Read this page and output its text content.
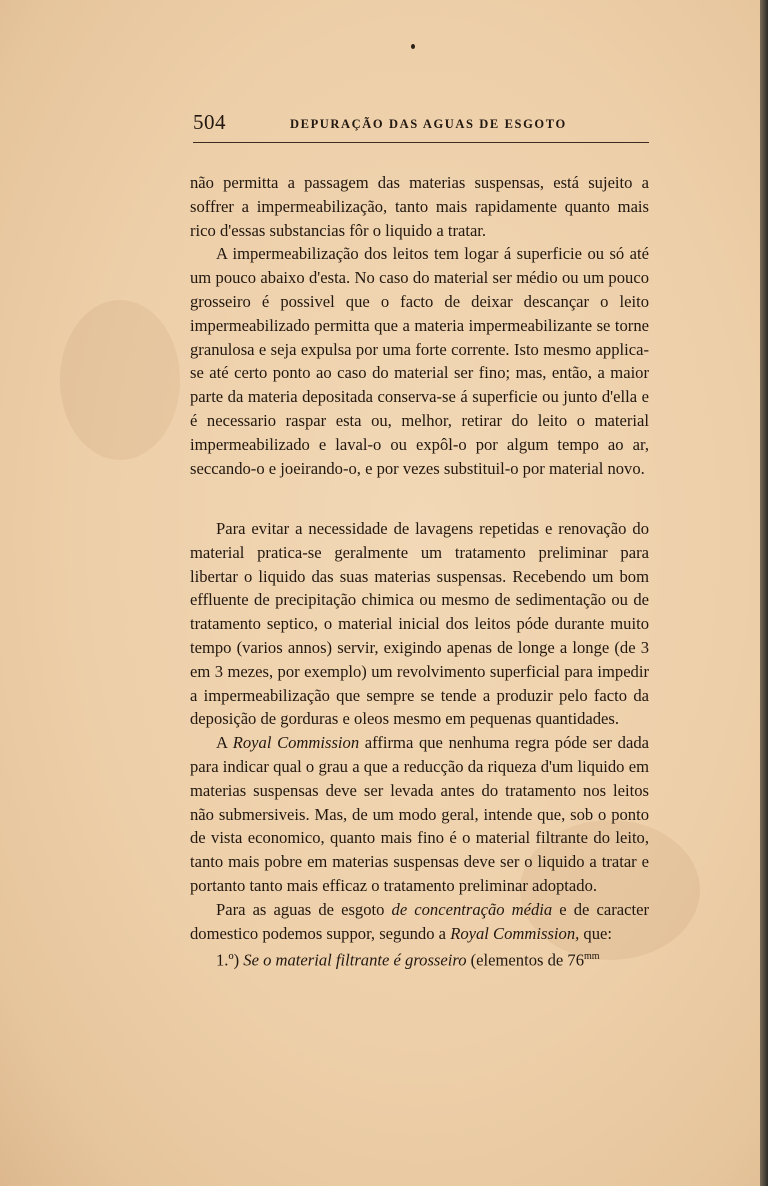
504	DEPURAÇÃO DAS AGUAS DE ESGOTO

não permitta a passagem das materias suspensas, está sujeito a soffrer a impermeabilização, tanto mais rapidamente quanto mais rico d'essas substancias fôr o liquido a tratar.

A impermeabilização dos leitos tem logar á superficie ou só até um pouco abaixo d'esta. No caso do material ser médio ou um pouco grosseiro é possivel que o facto de deixar descançar o leito impermeabilizado permitta que a materia impermeabilizante se torne granulosa e seja expulsa por uma forte corrente. Isto mesmo applica-se até certo ponto ao caso do material ser fino; mas, então, a maior parte da materia depositada conserva-se á superficie ou junto d'ella e é necessario raspar esta ou, melhor, retirar do leito o material impermeabilizado e laval-o ou expôl-o por algum tempo ao ar, seccando-o e joeirando-o, e por vezes substituil-o por material novo.

Para evitar a necessidade de lavagens repetidas e renovação do material pratica-se geralmente um tratamento preliminar para libertar o liquido das suas materias suspensas. Recebendo um bom effluente de precipitação chimica ou mesmo de sedimentação ou de tratamento septico, o material inicial dos leitos póde durante muito tempo (varios annos) servir, exigindo apenas de longe a longe (de 3 em 3 mezes, por exemplo) um revolvimento superficial para impedir a impermeabilização que sempre se tende a produzir pelo facto da deposição de gorduras e oleos mesmo em pequenas quantidades.

A Royal Commission affirma que nenhuma regra póde ser dada para indicar qual o grau a que a reducção da riqueza d'um liquido em materias suspensas deve ser levada antes do tratamento nos leitos não submersiveis. Mas, de um modo geral, intende que, sob o ponto de vista economico, quanto mais fino é o material filtrante do leito, tanto mais pobre em materias suspensas deve ser o liquido a tratar e portanto tanto mais efficaz o tratamento preliminar adoptado.

Para as aguas de esgoto de concentração média e de caracter domestico podemos suppor, segundo a Royal Commission, que:

1.º) Se o material filtrante é grosseiro (elementos de $76^{mm}$
